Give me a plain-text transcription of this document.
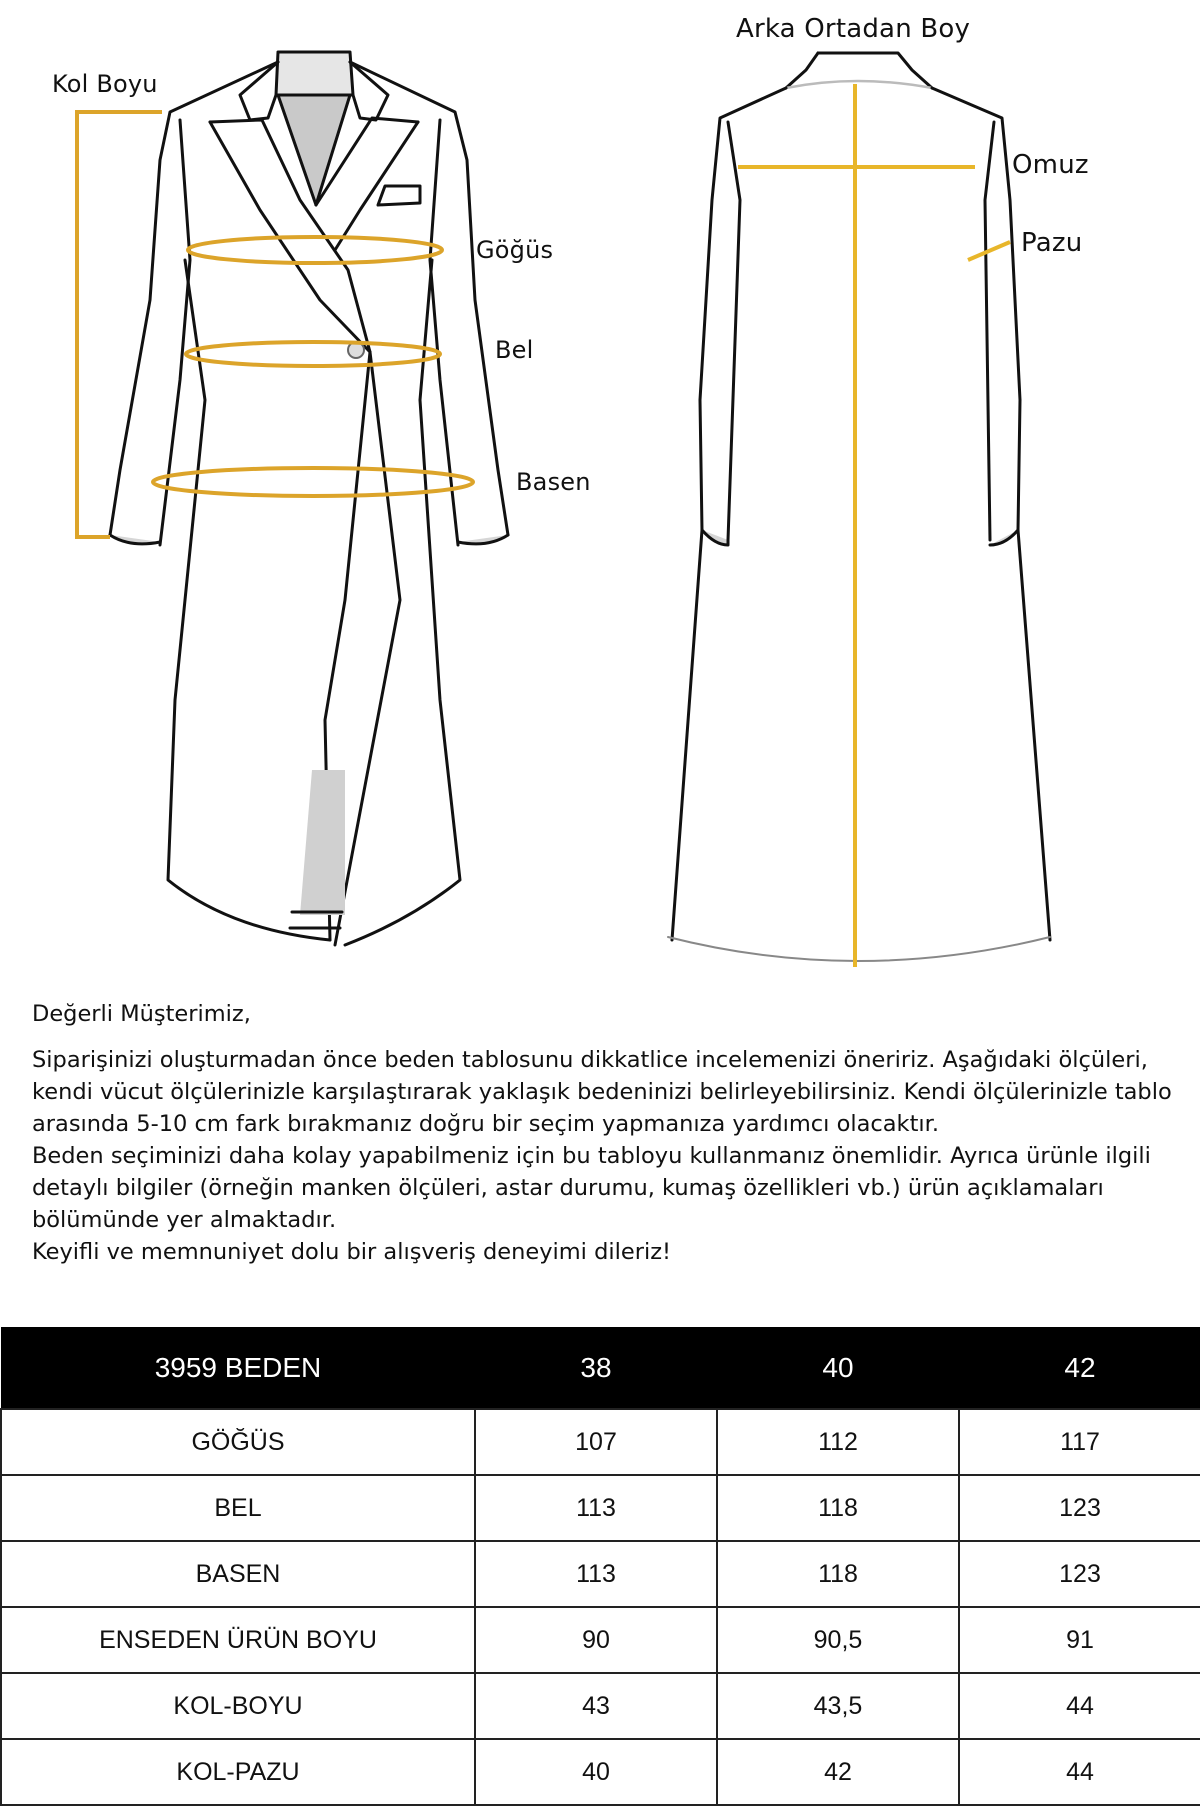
Kol Boyu
Göğüs
Bel
Basen
Arka Ortadan Boy
Omuz
Pazu

Değerli Müşterimiz,

Siparişinizi oluşturmadan önce beden tablosunu dikkatlice incelemenizi öneririz. Aşağıdaki ölçüleri, kendi vücut ölçülerinizle karşılaştırarak yaklaşık bedeninizi belirleyebilirsiniz. Kendi ölçülerinizle tablo arasında 5-10 cm fark bırakmanız doğru bir seçim yapmanıza yardımcı olacaktır.

Beden seçiminizi daha kolay yapabilmeniz için bu tabloyu kullanmanız önemlidir. Ayrıca ürünle ilgili detaylı bilgiler (örneğin manken ölçüleri, astar durumu, kumaş özellikleri vb.) ürün açıklamaları bölümünde yer almaktadır.

Keyifli ve memnuniyet dolu bir alışveriş deneyimi dileriz!

3959 BEDEN	38	40	42
GÖĞÜS	107	112	117
BEL	113	118	123
BASEN	113	118	123
ENSEDEN ÜRÜN BOYU	90	90,5	91
KOL-BOYU	43	43,5	44
KOL-PAZU	40	42	44
